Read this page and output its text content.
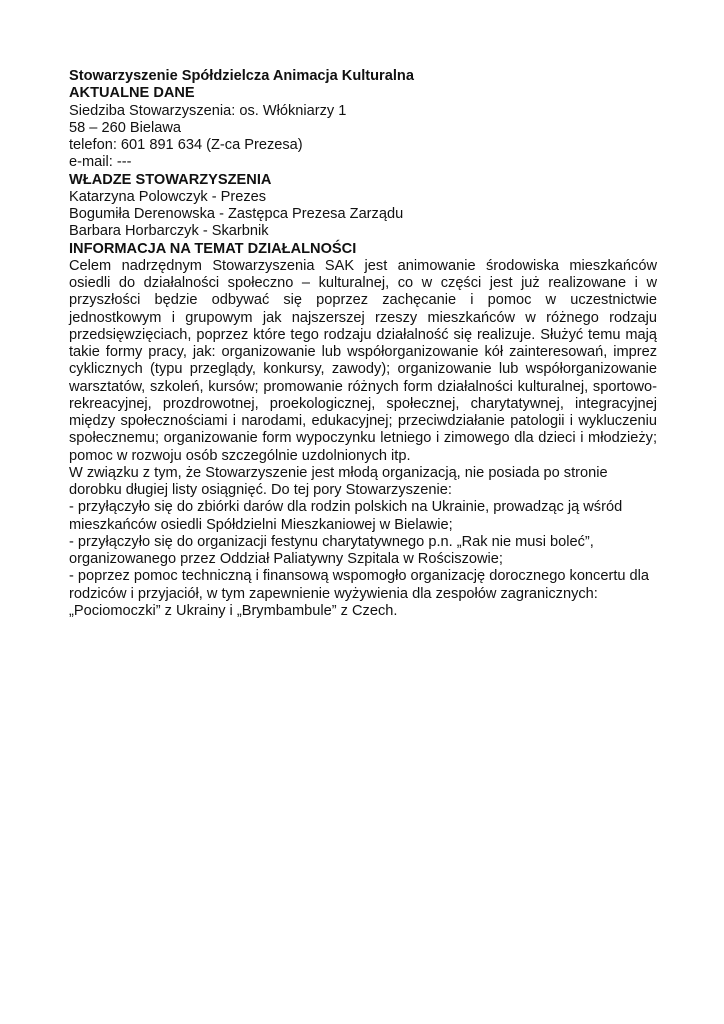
Stowarzyszenie Spółdzielcza Animacja Kulturalna
AKTUALNE DANE
Siedziba Stowarzyszenia: os. Włókniarzy 1
58 – 260 Bielawa
telefon: 601 891 634 (Z-ca Prezesa)
e-mail: ---
WŁADZE STOWARZYSZENIA
Katarzyna Polowczyk - Prezes
Bogumiła Derenowska - Zastępca Prezesa Zarządu
Barbara Horbarczyk - Skarbnik
INFORMACJA NA TEMAT DZIAŁALNOŚCI
Celem nadrzędnym Stowarzyszenia SAK jest animowanie środowiska mieszkańców
osiedli do działalności społeczno – kulturalnej, co w części jest już realizowane i w
przyszłości będzie odbywać się poprzez zachęcanie i pomoc w uczestnictwie
jednostkowym i grupowym jak najszerszej rzeszy mieszkańców w różnego rodzaju
przedsięwzięciach, poprzez które tego rodzaju działalność się realizuje. Służyć temu mają
takie formy pracy, jak: organizowanie lub współorganizowanie kół zainteresowań, imprez
cyklicznych (typu przeglądy, konkursy, zawody); organizowanie lub współorganizowanie
warsztatów, szkoleń, kursów; promowanie różnych form działalności kulturalnej, sportowo-
rekreacyjnej, prozdrowotnej, proekologicznej, społecznej, charytatywnej, integracyjnej
między społecznościami i narodami, edukacyjnej; przeciwdziałanie patologii i wykluczeniu
społecznemu; organizowanie form wypoczynku letniego i zimowego dla dzieci i młodzieży;
pomoc w rozwoju osób szczególnie uzdolnionych itp.
W związku z tym, że Stowarzyszenie jest młodą organizacją, nie posiada po stronie
dorobku długiej listy osiągnięć. Do tej pory Stowarzyszenie:
- przyłączyło się do zbiórki darów dla rodzin polskich na Ukrainie, prowadząc ją wśród
mieszkańców osiedli Spółdzielni Mieszkaniowej w Bielawie;
- przyłączyło się do organizacji festynu charytatywnego p.n. „Rak nie musi boleć”,
organizowanego przez Oddział Paliatywny Szpitala w Rościszowie;
- poprzez pomoc techniczną i finansową wspomogło organizację dorocznego koncertu dla
rodziców i przyjaciół, w tym zapewnienie wyżywienia dla zespołów zagranicznych:
„Pociomoczki” z Ukrainy i „Brymbambule” z Czech.
